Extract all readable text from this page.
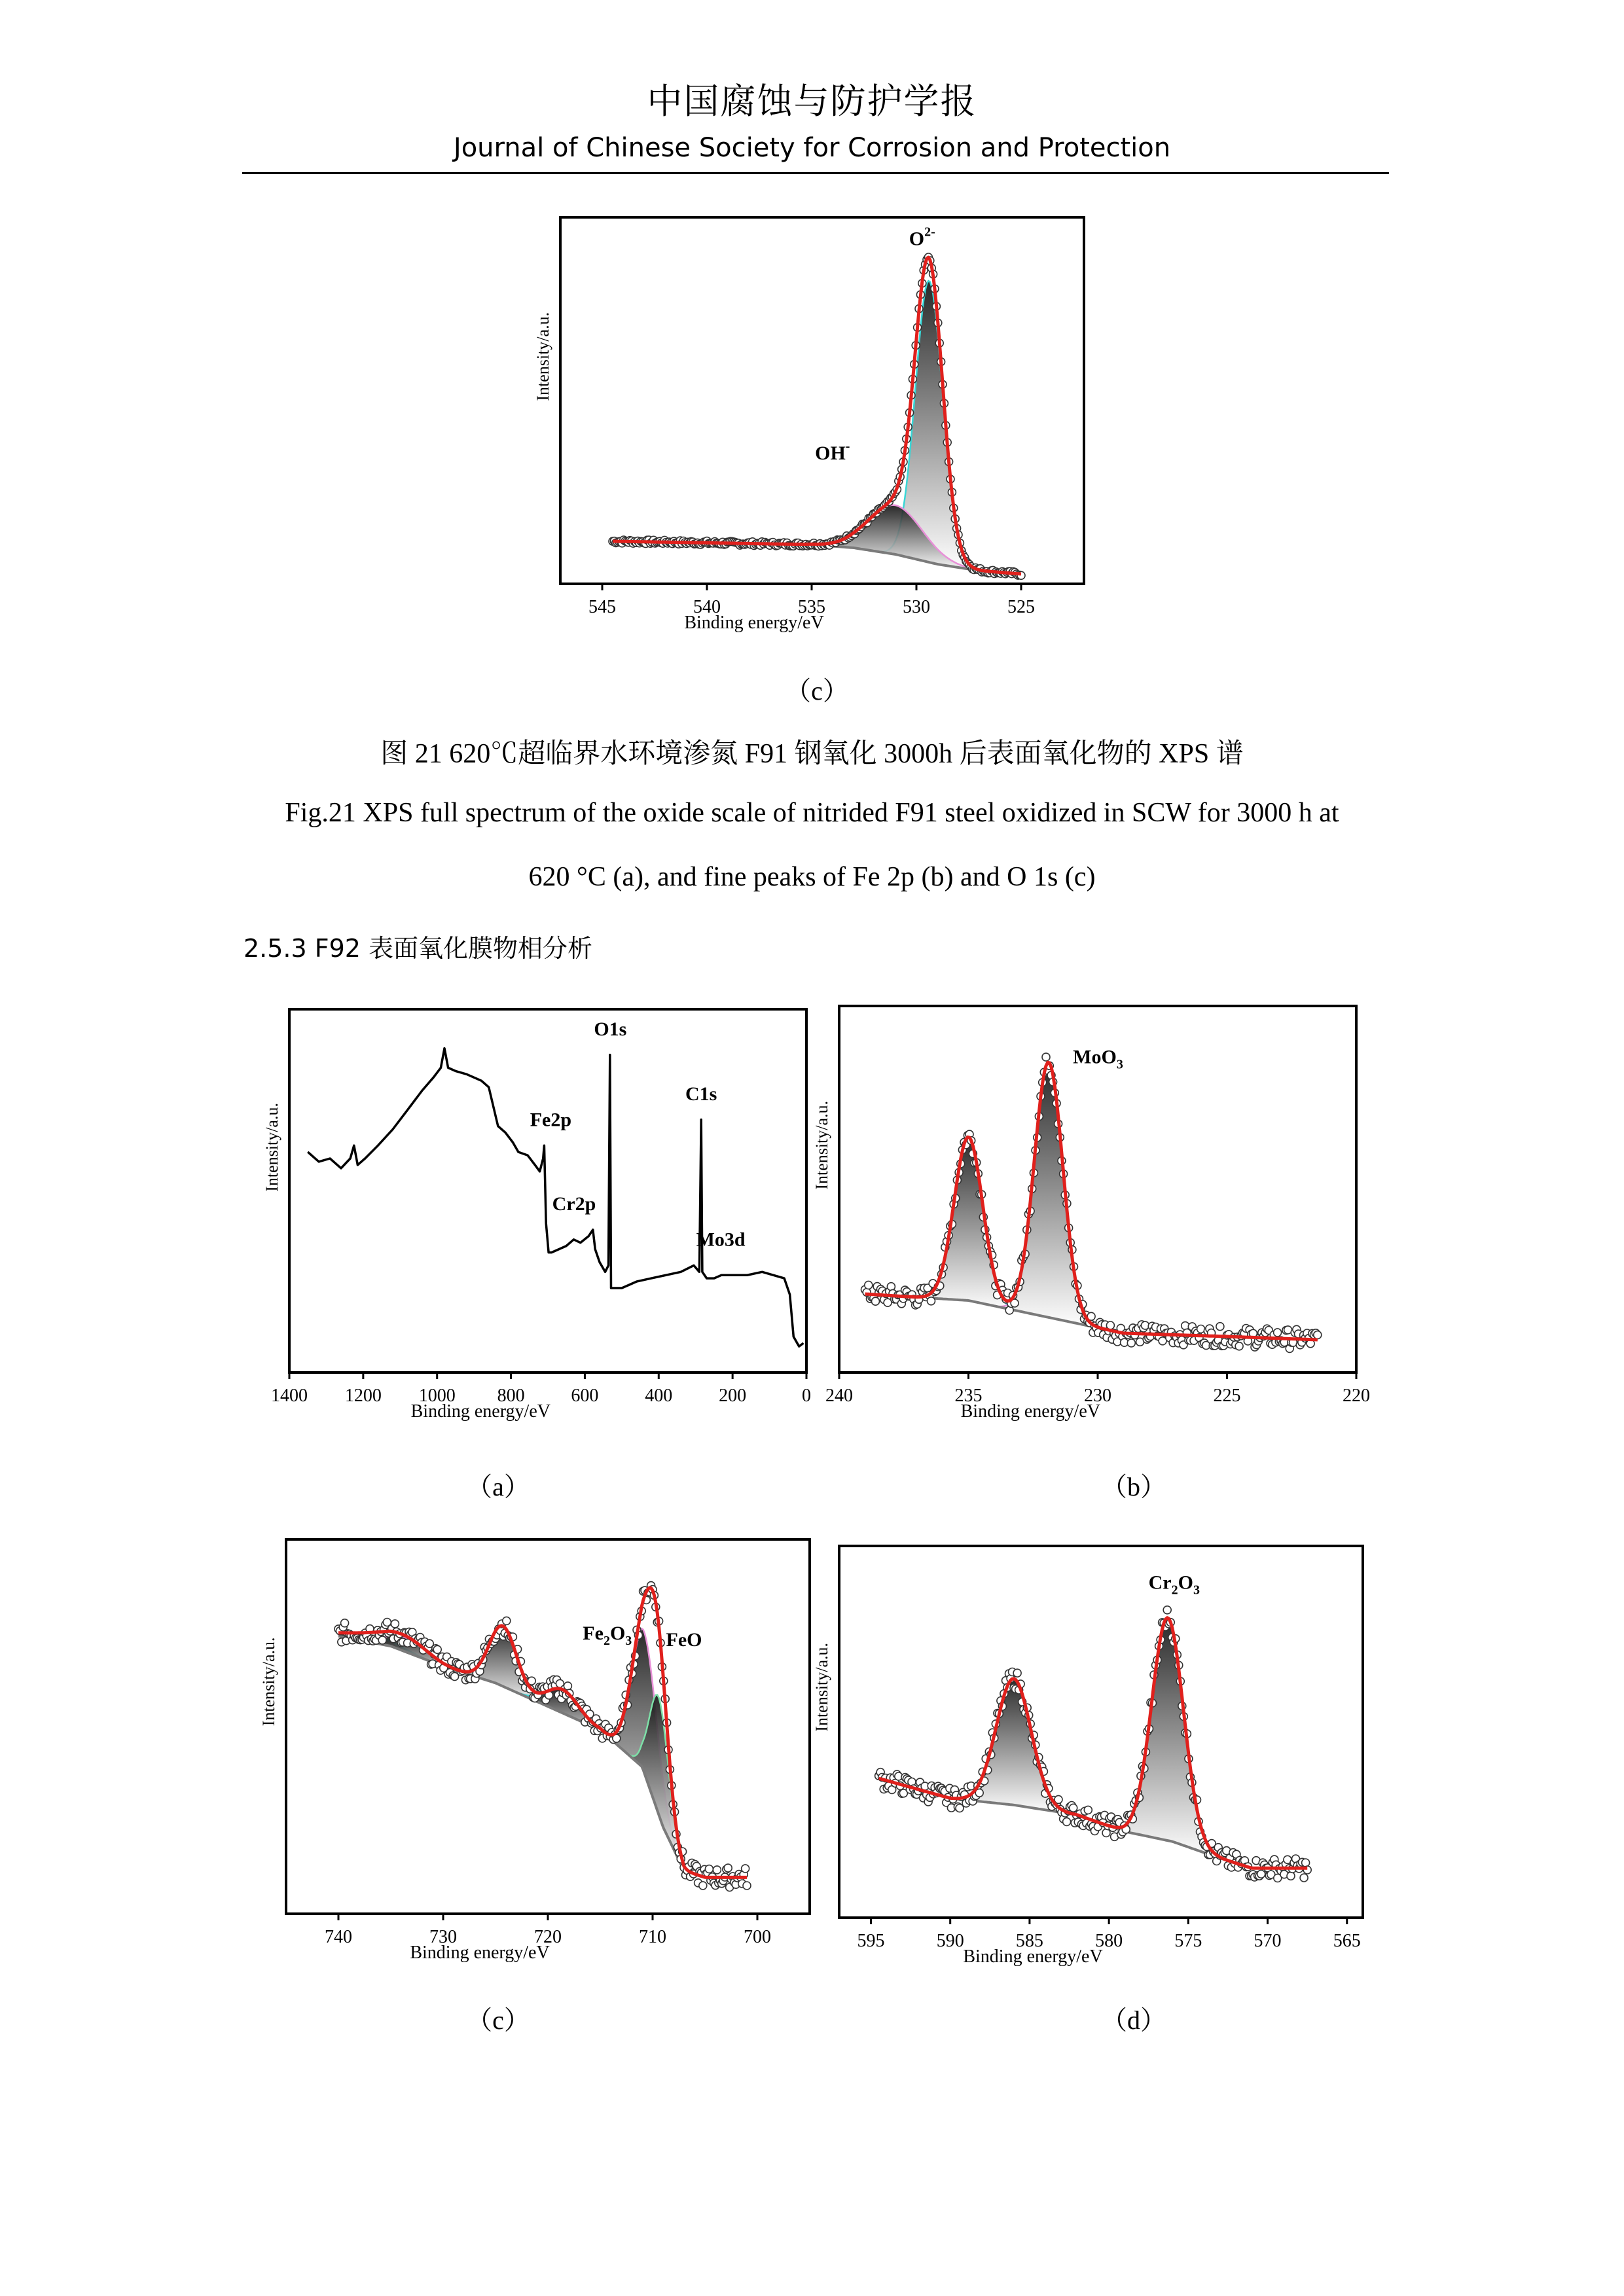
中国腐蚀与防护学报
Journal of Chinese Society for Corrosion and Protection
545	540	535	530	525
Binding energy/eV
Intensity/a.u.
$O^{2-}$
OH-
（c）
图 21 620℃超临界水环境渗氮 F91 钢氧化 3000h 后表面氧化物的 XPS 谱
Fig.21 XPS full spectrum of the oxide scale of nitrided F91 steel oxidized in SCW for 3000 h at
620 °C (a), and fine peaks of Fe 2p (b) and O 1s (c)
2.5.3 F92 表面氧化膜物相分析
1400 1200 1000 800	600	400	200	0
Binding energy/eV
Intensity/a.u.
O1s
C1s
Fe2p
Cr2p
Mo3d
240	235	230	225	220
Binding energy/eV
Intensity/a.u.
MoO$_3$
740	730	720	710	700
Binding energy/eV
Intensity/a.u.
$Fe_2O_3$ FeO
595	590	585	580	575	570	565
Binding energy/eV
Intensity/a.u.
$Cr_2O_3$
（a）	（b）
（c）	（d）
